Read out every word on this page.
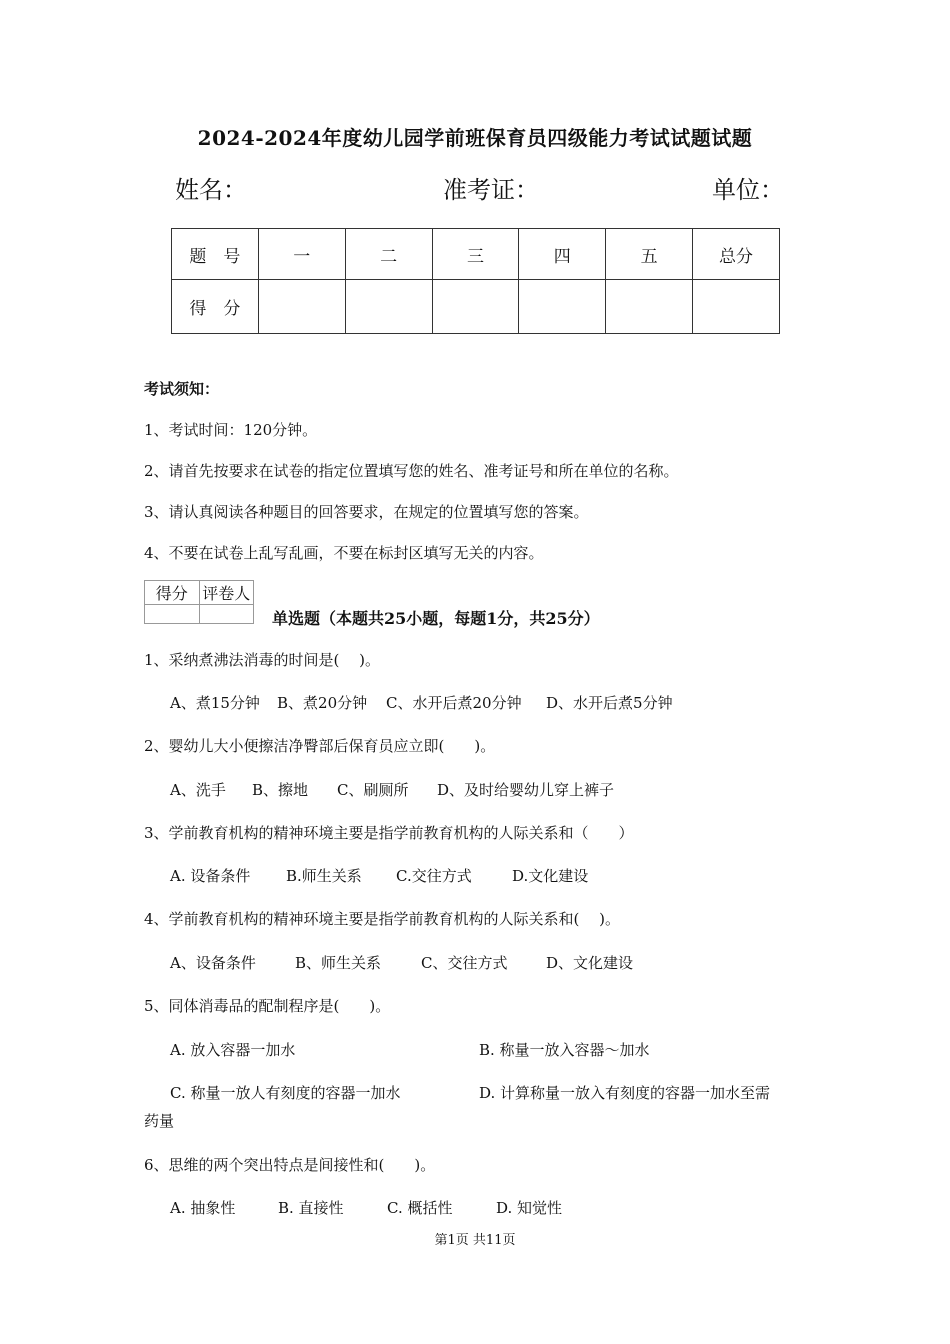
2024-2024年度幼儿园学前班保育员四级能力考试试题试题
姓名：	准考证：	单位：
题　号	一	二	三	四	五	总分
得　分						
考试须知：
1、考试时间：120分钟。
2、请首先按要求在试卷的指定位置填写您的姓名、准考证号和所在单位的名称。
3、请认真阅读各种题目的回答要求，在规定的位置填写您的答案。
4、不要在试卷上乱写乱画，不要在标封区填写无关的内容。
得分	评卷人

单选题（本题共25小题，每题1分，共25分）
1、采纳煮沸法消毒的时间是(　 )。
A、煮15分钟 B、煮20分钟 C、水开后煮20分钟 D、水开后煮5分钟
2、婴幼儿大小便擦洁净臀部后保育员应立即(　　)。
A、洗手 B、擦地 C、刷厕所 D、及时给婴幼儿穿上裤子
3、学前教育机构的精神环境主要是指学前教育机构的人际关系和（　　）
A. 设备条件 B.师生关系 C.交往方式	D.文化建设
4、学前教育机构的精神环境主要是指学前教育机构的人际关系和(　 )。
A、设备条件	B、师生关系	C、交往方式	D、文化建设
5、同体消毒品的配制程序是(　　)。
A. 放入容器一加水	B. 称量一放入容器～加水
C. 称量一放人有刻度的容器一加水	D. 计算称量一放入有刻度的容器一加水至需
药量
6、思维的两个突出特点是间接性和(　　)。
A. 抽象性	B. 直接性	C. 概括性	D. 知觉性
第1页 共11页
